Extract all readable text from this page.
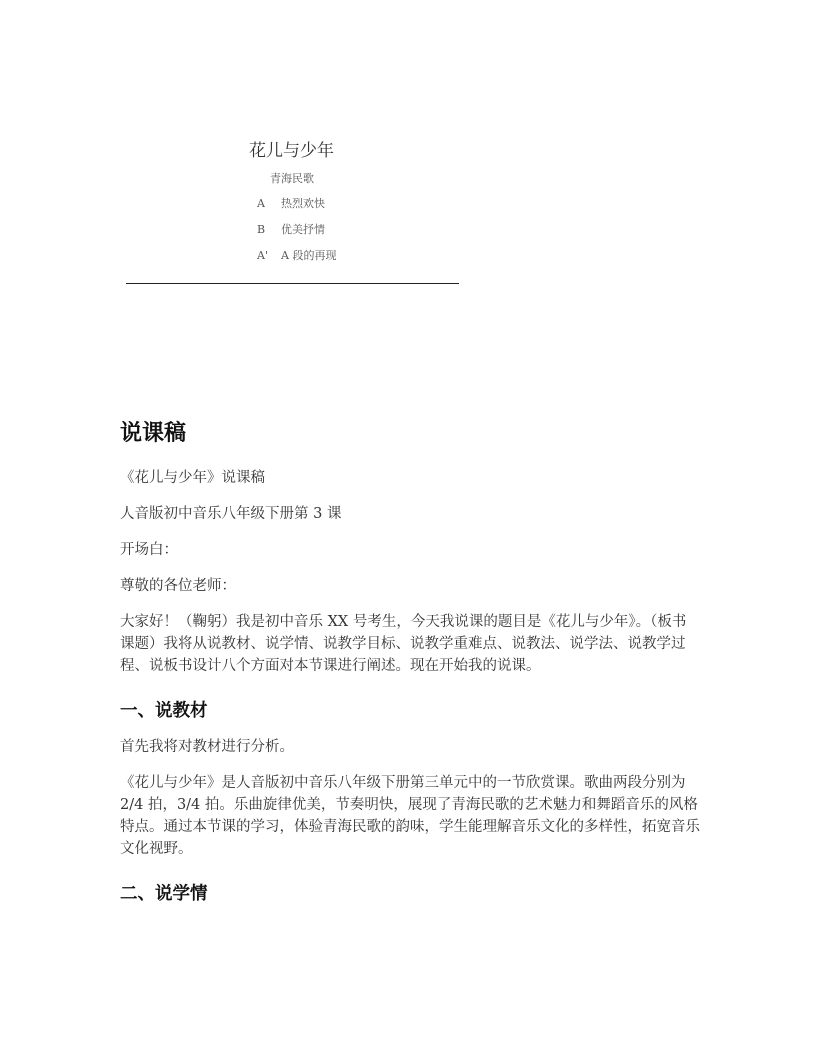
花儿与少年
青海民歌
A 热烈欢快
B 优美抒情
A' A 段的再现
说课稿

《花儿与少年》说课稿

人音版初中音乐八年级下册第 3 课

开场白：

尊敬的各位老师：

大家好！（鞠躬）我是初中音乐 XX 号考生，今天我说课的题目是《花儿与少年》。（板书课题）我将从说教材、说学情、说教学目标、说教学重难点、说教法、说学法、说教学过程、说板书设计八个方面对本节课进行阐述。现在开始我的说课。

一、说教材

首先我将对教材进行分析。

《花儿与少年》是人音版初中音乐八年级下册第三单元中的一节欣赏课。歌曲两段分别为 2/4 拍，3/4 拍。乐曲旋律优美，节奏明快，展现了青海民歌的艺术魅力和舞蹈音乐的风格特点。通过本节课的学习，体验青海民歌的韵味，学生能理解音乐文化的多样性，拓宽音乐文化视野。

二、说学情
